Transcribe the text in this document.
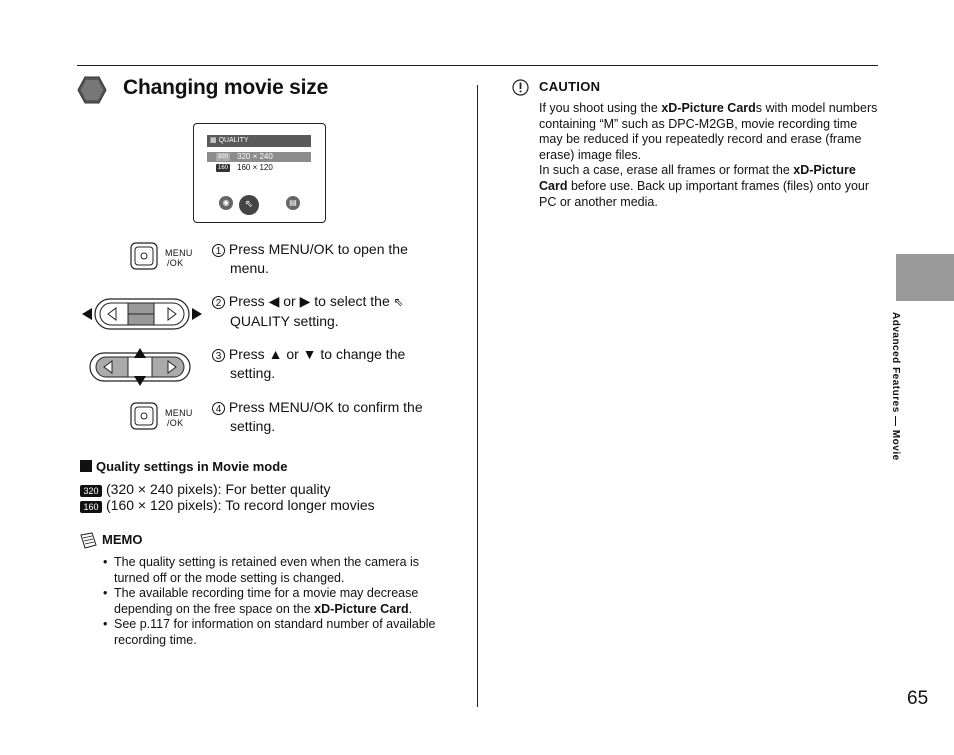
Changing movie size
▦ QUALITY
320 320 × 240
160 160 × 120
◉	⇖	▤
MENU
/OK
1 Press MENU/OK to open the
menu.
2 Press ◀ or ▶ to select the ⇖
QUALITY setting.
3 Press ▲ or ▼ to change the
setting.
MENU
/OK
4 Press MENU/OK to confirm the
setting.
Quality settings in Movie mode
320 (320 × 240 pixels): For better quality
160 (160 × 120 pixels): To record longer movies
MEMO
• The quality setting is retained even when the camera is turned off or the mode setting is changed.
• The available recording time for a movie may decrease depending on the free space on the xD-Picture Card.
• See p.117 for information on standard number of available recording time.
CAUTION
If you shoot using the xD-Picture Cards with model numbers containing “M” such as DPC-M2GB, movie recording time may be reduced if you repeatedly record and erase (frame erase) image files.
In such a case, erase all frames or format the xD-Picture Card before use. Back up important frames (files) onto your PC or another media.
Advanced Features — Movie
65
